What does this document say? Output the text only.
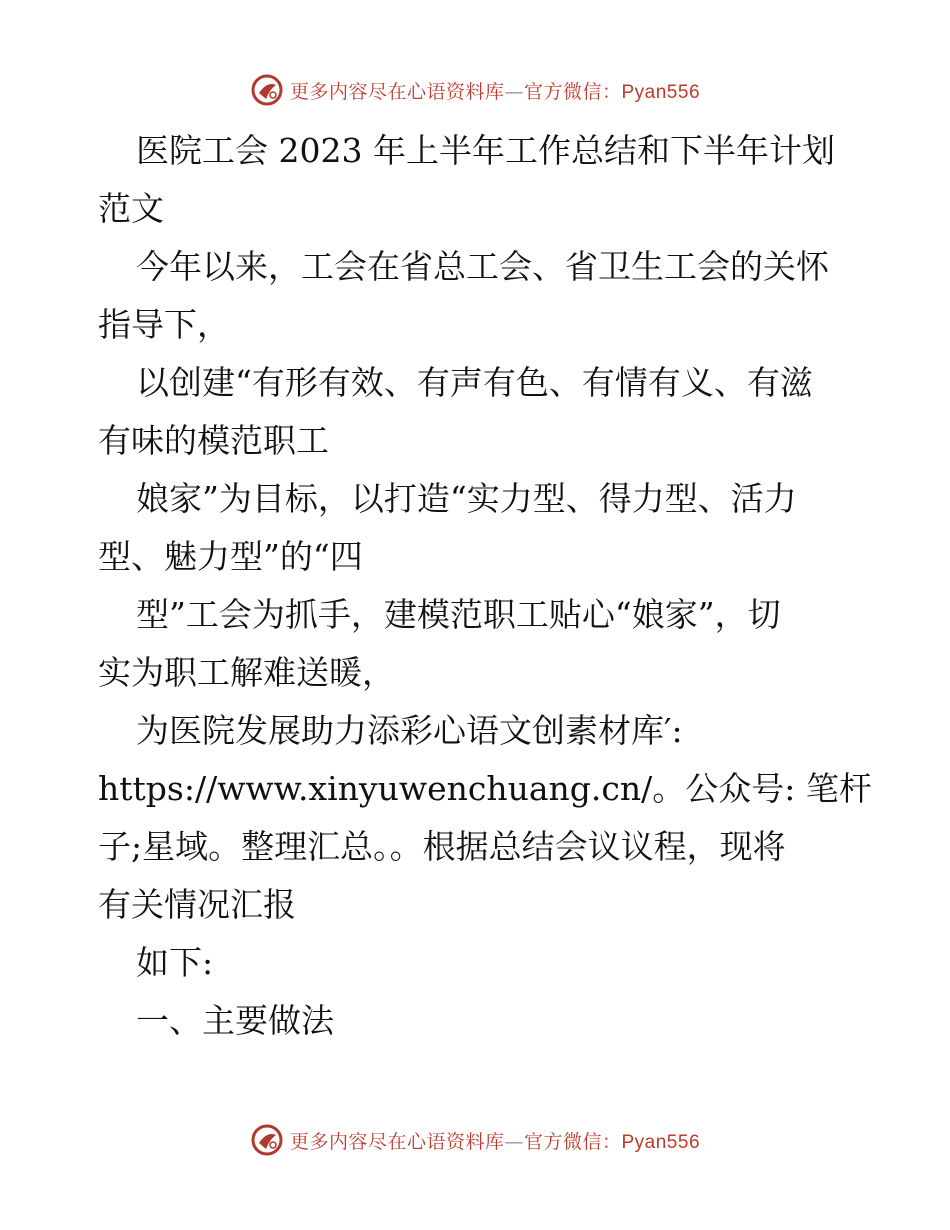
更多内容尽在心语资料库—官方微信：Pyan556
医院工会 2023 年上半年工作总结和下半年计划
范文
今年以来，工会在省总工会、省卫生工会的关怀
指导下，
以创建“有形有效、有声有色、有情有义、有滋
有味的模范职工
娘家”为目标，以打造“实力型、得力型、活力
型、魅力型”的“四
型”工会为抓手，建模范职工贴心“娘家”，切
实为职工解难送暖，
为医院发展助力添彩心语文创素材库′:
https://www.xinyuwenchuang.cn/。公众号: 笔杆
子;星域。整理汇总。。根据总结会议议程，现将
有关情况汇报
如下:
一、主要做法
更多内容尽在心语资料库—官方微信：Pyan556
